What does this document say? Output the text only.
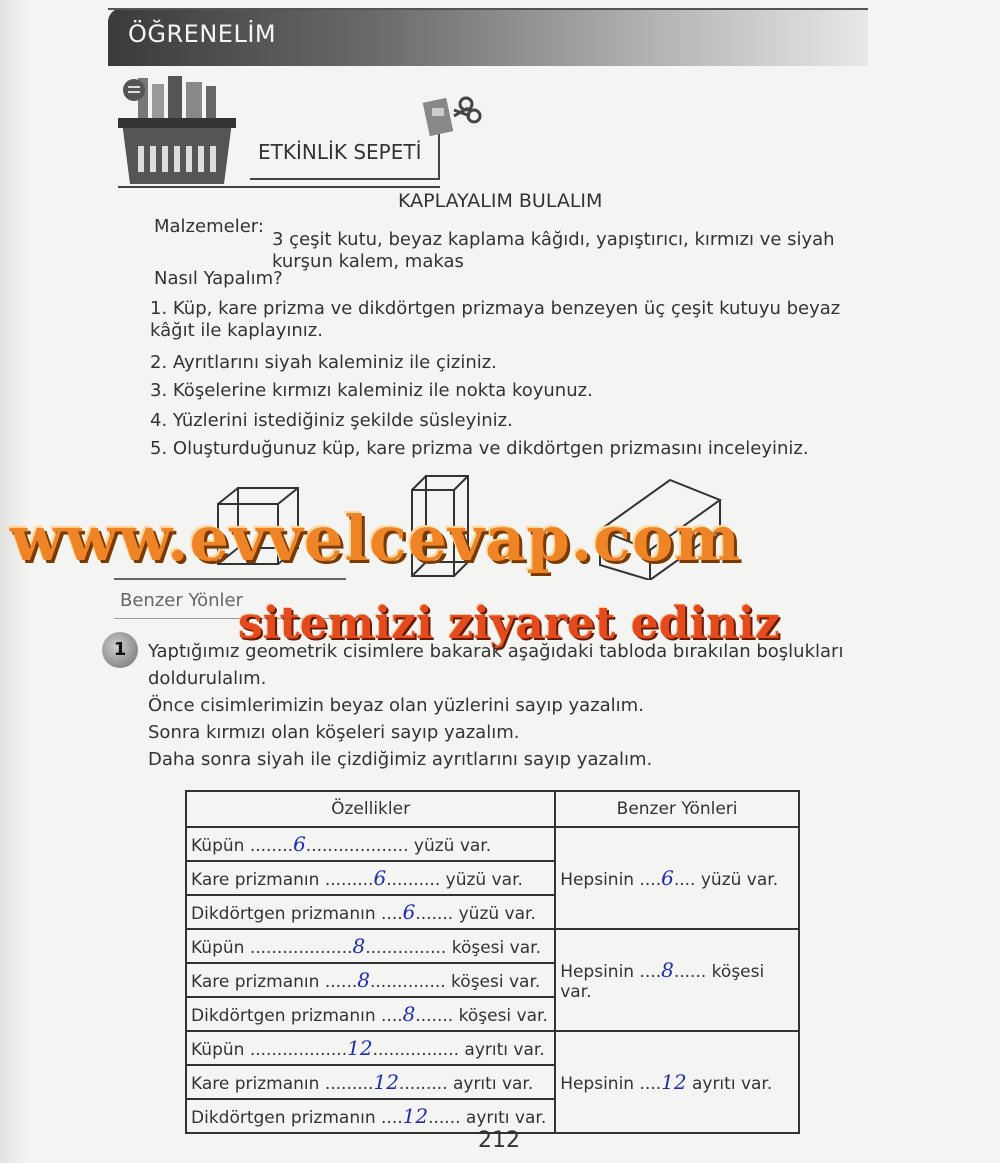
ÖĞRENELİM
ETKİNLİK SEPETİ
KAPLAYALIM BULALIM
Malzemeler:
3 çeşit kutu, beyaz kaplama kâğıdı, yapıştırıcı, kırmızı ve siyah kurşun kalem, makas
Nasıl Yapalım?
1. Küp, kare prizma ve dikdörtgen prizmaya benzeyen üç çeşit kutuyu beyaz kâğıt ile kaplayınız.
2. Ayrıtlarını siyah kaleminiz ile çiziniz.
3. Köşelerine kırmızı kaleminiz ile nokta koyunuz.
4. Yüzlerini istediğiniz şekilde süsleyiniz.
5. Oluşturduğunuz küp, kare prizma ve dikdörtgen prizmasını inceleyiniz.
Benzer Yönler
www.evvelcevap.com
sitemizi ziyaret ediniz
1	Yaptığımız geometrik cisimlere bakarak aşağıdaki tabloda bırakılan boşlukları doldurulalım.
Önce cisimlerimizin beyaz olan yüzlerini sayıp yazalım.
Sonra kırmızı olan köşeleri sayıp yazalım.
Daha sonra siyah ile çizdiğimiz ayrıtlarını sayıp yazalım.
Özellikler	Benzer Yönleri
Küpün ........6................... yüzü var.	Hepsinin ....6.... yüzü var.
Kare prizmanın .........6.......... yüzü var.	
Dikdörtgen prizmanın ....6....... yüzü var.	
Küpün ...................8............... köşesi var.	Hepsinin ....8...... köşesi var.
Kare prizmanın ......8.............. köşesi var.	
Dikdörtgen prizmanın ....8....... köşesi var.	
Küpün ..................12................ ayrıtı var.	Hepsinin ....12 ayrıtı var.
Kare prizmanın .........12......... ayrıtı var.	
Dikdörtgen prizmanın ....12...... ayrıtı var.	
212
